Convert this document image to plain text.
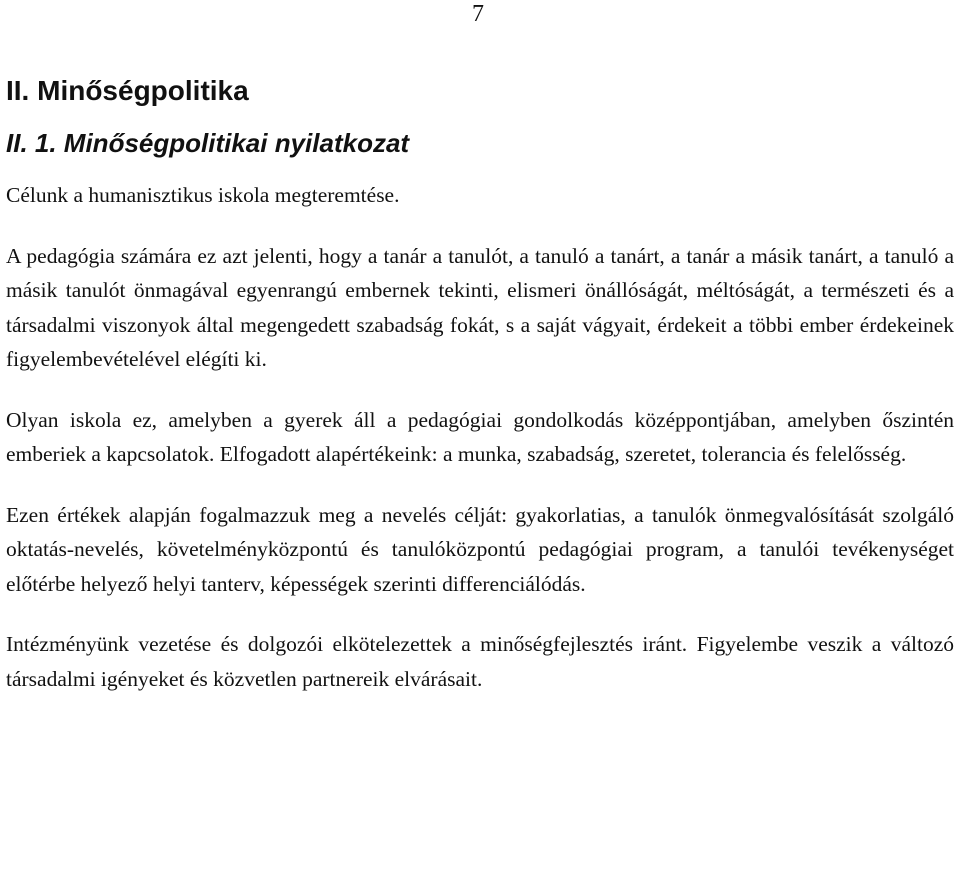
7

II. Minőségpolitika
II. 1. Minőségpolitikai nyilatkozat

Célunk a humanisztikus iskola megteremtése.

A pedagógia számára ez azt jelenti, hogy a tanár a tanulót, a tanuló a tanárt, a tanár a másik tanárt, a tanuló a másik tanulót önmagával egyenrangú embernek tekinti, elismeri önállóságát, méltóságát, a természeti és a társadalmi viszonyok által megengedett szabadság fokát, s a saját vágyait, érdekeit a többi ember érdekeinek figyelembevételével elégíti ki.

Olyan iskola ez, amelyben a gyerek áll a pedagógiai gondolkodás középpontjában, amelyben őszintén emberiek a kapcsolatok. Elfogadott alapértékeink: a munka, szabadság, szeretet, tolerancia és felelősség.

Ezen értékek alapján fogalmazzuk meg a nevelés célját: gyakorlatias, a tanulók önmegvalósítását szolgáló oktatás-nevelés, követelményközpontú és tanulóközpontú pedagógiai program, a tanulói tevékenységet előtérbe helyező helyi tanterv, képességek szerinti differenciálódás.

Intézményünk vezetése és dolgozói elkötelezettek a minőségfejlesztés iránt. Figyelembe veszik a változó társadalmi igényeket és közvetlen partnereik elvárásait.
